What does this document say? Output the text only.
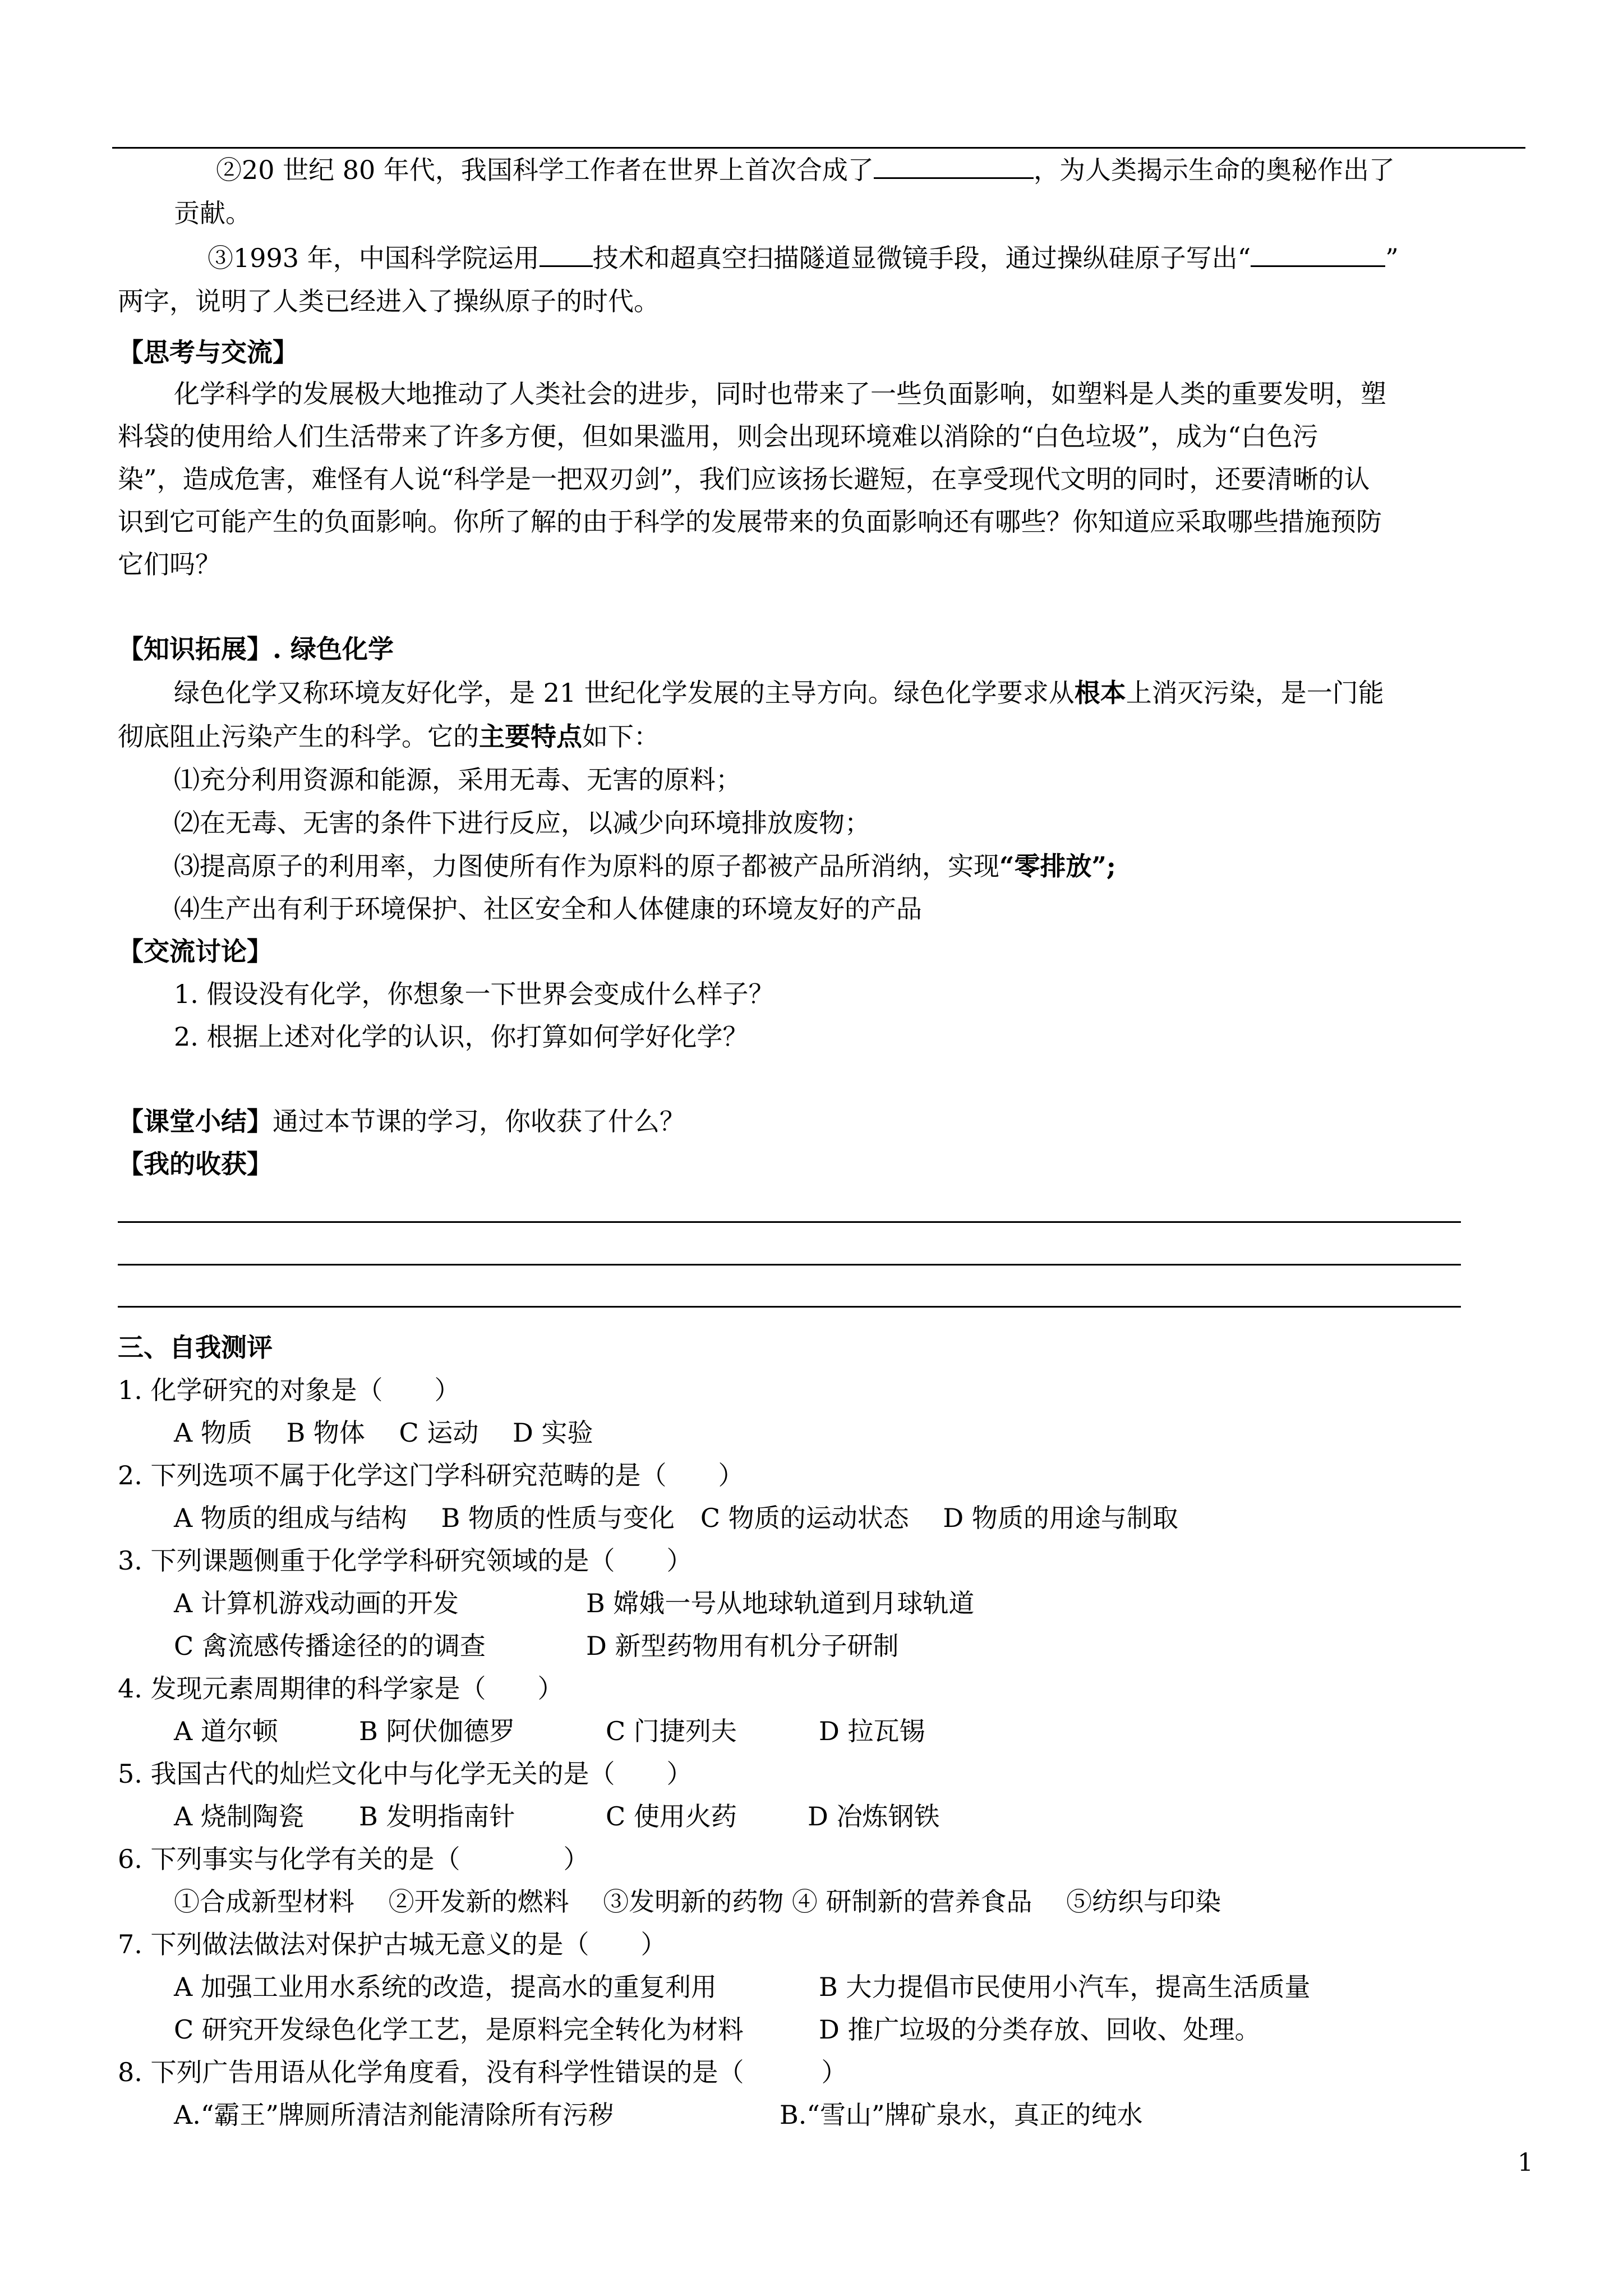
②20 世纪 80 年代，我国科学工作者在世界上首次合成了	，为人类揭示生命的奥秘作出了
贡献。
③1993 年，中国科学院运用 技术和超真空扫描隧道显微镜手段，通过操纵硅原子写出“	”
两字，说明了人类已经进入了操纵原子的时代。
【思考与交流】
化学科学的发展极大地推动了人类社会的进步，同时也带来了一些负面影响，如塑料是人类的重要发明，塑
料袋的使用给人们生活带来了许多方便，但如果滥用，则会出现环境难以消除的“白色垃圾”，成为“白色污
染”，造成危害，难怪有人说“科学是一把双刃剑”，我们应该扬长避短，在享受现代文明的同时，还要清晰的认
识到它可能产生的负面影响。你所了解的由于科学的发展带来的负面影响还有哪些？你知道应采取哪些措施预防
它们吗？
【知识拓展】. 绿色化学
绿色化学又称环境友好化学，是 21 世纪化学发展的主导方向。绿色化学要求从根本上消灭污染，是一门能
彻底阻止污染产生的科学。它的主要特点如下：
⑴充分利用资源和能源，采用无毒、无害的原料；
⑵在无毒、无害的条件下进行反应，以减少向环境排放废物；
⑶提高原子的利用率，力图使所有作为原料的原子都被产品所消纳，实现“零排放”;
⑷生产出有利于环境保护、社区安全和人体健康的环境友好的产品
【交流讨论】
1. 假设没有化学，你想象一下世界会变成什么样子？
2. 根据上述对化学的认识，你打算如何学好化学？
【课堂小结】通过本节课的学习，你收获了什么？
【我的收获】
三、自我测评
1. 化学研究的对象是（　　）
A 物质　 B 物体　 C 运动　 D 实验
2. 下列选项不属于化学这门学科研究范畴的是（　　）
A 物质的组成与结构　 B 物质的性质与变化　C 物质的运动状态　 D 物质的用途与制取
3. 下列课题侧重于化学学科研究领域的是（　　）
A 计算机游戏动画的开发	B 嫦娥一号从地球轨道到月球轨道
C 禽流感传播途径的的调查	D 新型药物用有机分子研制
4. 发现元素周期律的科学家是（　　）
A 道尔顿	B 阿伏伽德罗	C 门捷列夫	D 拉瓦锡
5. 我国古代的灿烂文化中与化学无关的是（　　）
A 烧制陶瓷 B 发明指南针	C 使用火药	D 冶炼钢铁
6. 下列事实与化学有关的是（　　　　）
①合成新型材料　 ②开发新的燃料　 ③发明新的药物 ④ 研制新的营养食品　 ⑤纺织与印染
7. 下列做法做法对保护古城无意义的是（　　）
A 加强工业用水系统的改造，提高水的重复利用	B 大力提倡市民使用小汽车，提高生活质量
C 研究开发绿色化学工艺，是原料完全转化为材料	D 推广垃圾的分类存放、回收、处理。
8. 下列广告用语从化学角度看，没有科学性错误的是（　　　）
A.“霸王”牌厕所清洁剂能清除所有污秽	B.“雪山”牌矿泉水，真正的纯水
1
